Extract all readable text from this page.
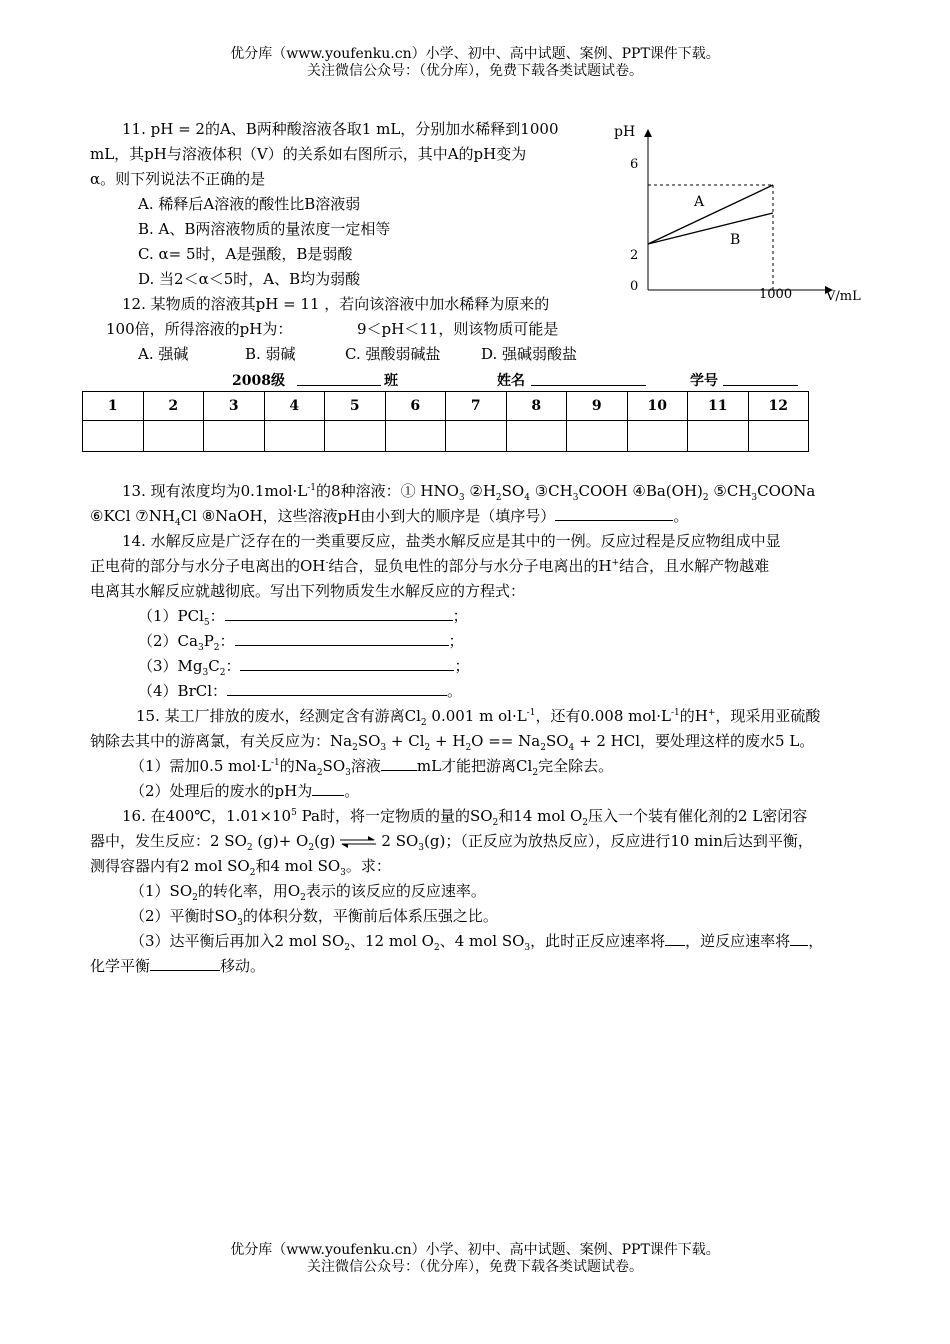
优分库（www.youfenku.cn）小学、初中、高中试题、案例、PPT课件下载。
关注微信公众号：（优分库），免费下载各类试题试卷。
11. pH = 2的A、B两种酸溶液各取1 mL，分别加水稀释到1000
mL，其pH与溶液体积（V）的关系如右图所示，其中A的pH变为
α。则下列说法不正确的是
A. 稀释后A溶液的酸性比B溶液弱
B. A、B两溶液物质的量浓度一定相等
C. α= 5时，A是强酸，B是弱酸
D. 当2＜α＜5时，A、B均为弱酸
12. 某物质的溶液其pH = 11 ，若向该溶液中加水稀释为原来的
100倍，所得溶液的pH为：	9＜pH＜11，则该物质可能是
A. 强碱	B. 弱碱	C. 强酸弱碱盐	D. 强碱弱酸盐
pH
V/mL
6
2
0
1000
A
B
2008级	班	姓名	学号
1	2	3	4	5	6	7	8	9	10	11	12

13. 现有浓度均为$0.1mol\cdot L^{-1}$的8种溶液：① $HNO_3$ $②H_2SO_4$ $③CH_3COOH$ $④Ba(OH)_2$ $⑤CH_3COONa$
⑥KCl $⑦NH_4Cl$ ⑧NaOH，这些溶液pH由小到大的顺序是（填序号）	。
14. 水解反应是广泛存在的一类重要反应，盐类水解反应是其中的一例。反应过程是反应物组成中显
正电荷的部分与水分子电离出的OH-结合，显负电性的部分与水分子电离出的H+结合，且水解产物越难
电离其水解反应就越彻底。写出下列物质发生水解反应的方程式：
（1）PCl$_5$：	；
$(2)Ca_3P_2$：	；
$(3)Mg_3C_2$：	；
（4）BrCl：	。
15. 某工厂排放的废水，经测定含有游离$Cl_2$ 0.001 m $ol\cdot L^{-1}$，还有0.008 $mol\cdot L^{-1}$的H+，现采用亚硫酸
钠除去其中的游离氯，有关反应为：$Na_2SO_3 + Cl_2 + H_2O == Na_2SO_4 + 2$ HCl，要处理这样的废水5 L。
（1）需加0.5 $mol\cdot L^{-1}$的$Na_2SO_3$溶液 mL才能把游离$Cl_2$完全除去。
（2）处理后的废水的pH为 。
16. 在400℃，$1.01\times 10^5$ Pa时，将一定物质的量的$SO_2$和14 mol $O_2$压入一个装有催化剂的2 L密闭容
器中，发生反应：2 $SO_2$ $(g)+ O_2(g)$ ⇌ 2 $SO_3(g)$；（正反应为放热反应），反应进行10 min后达到平衡，
测得容器内有2 mol $SO_2$和4 mol $SO_3$。求：
$(1)SO_2$的转化率，用$O_2$表示的该反应的反应速率。
（2）平衡时$SO_3$的体积分数，平衡前后体系压强之比。
（3）达平衡后再加入2 mol $SO_2$、12 mol $O_2$、4 mol $SO_3$，此时正反应速率将 ，逆反应速率将 ，
化学平衡	移动。
优分库（www.youfenku.cn）小学、初中、高中试题、案例、PPT课件下载。
关注微信公众号：（优分库），免费下载各类试题试卷。
